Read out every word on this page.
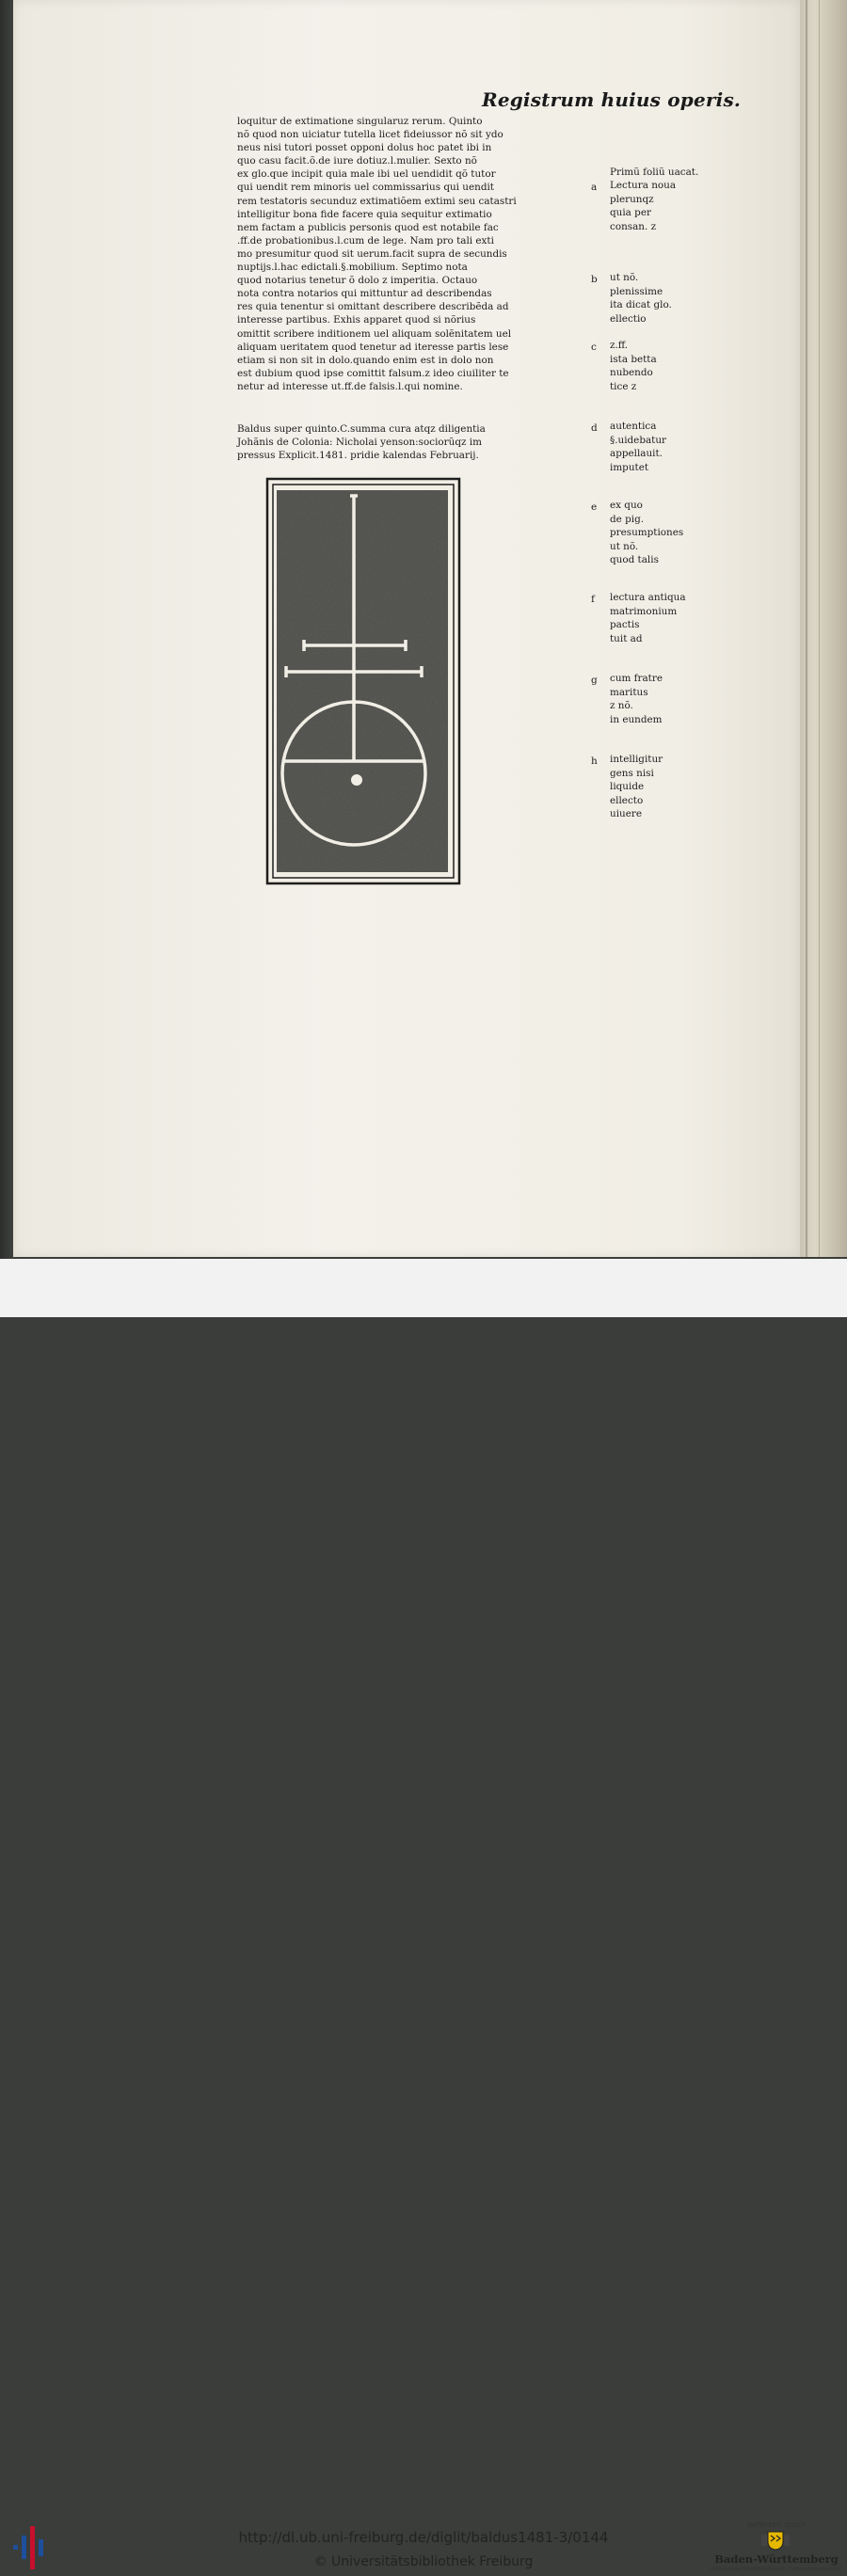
Registrum huius operis.
loquitur de extimatione singularuz rerum. Quinto
nõ quod non uiciatur tutella licet fideiussor nõ sit ydo
neus nisi tutori posset opponi dolus hoc patet ibi in
quo casu facit.õ.de iure dotiuz.l.mulier. Sexto nõ
ex glo.que incipit quia male ibi uel uendidit qõ tutor
qui uendit rem minoris uel commissarius qui uendit
rem testatoris secunduz extimatiõem extimi seu catastri
intelligitur bona fide facere quia sequitur extimatio
nem factam a publicis personis quod est notabile fac
.ff.de probationibus.l.cum de lege. Nam pro tali exti
mo presumitur quod sit uerum.facit supra de secundis
nuptijs.l.hac edictali.§.mobilium. Septimo nota
quod notarius tenetur õ dolo z imperitia. Octauo
nota contra notarios qui mittuntur ad describendas
res quia tenentur si omittant describere describẽda ad
interesse partibus. Exhis apparet quod si nõrius
omittit scribere inditionem uel aliquam solẽnitatem uel
aliquam ueritatem quod tenetur ad iteresse partis lese
etiam si non sit in dolo.quando enim est in dolo non
est dubium quod ipse comittit falsum.z ideo ciuiliter te
netur ad interesse ut.ff.de falsis.l.qui nomine.
Baldus super quinto.C.summa cura atqz diligentia
Johãnis de Colonia: Nicholai yenson:sociorũqz im
pressus Explicit.1481. pridie kalendas Februarij.
Primũ foliũ uacat.
a Lectura noua
plerunqz
quia per
consan. z
b ut nõ.
plenissime
ita dicat glo.
ellectio
c z.ff.
ista betta
nubendo
tice z
d autentica
§.uidebatur
appellauit.
imputet
e ex quo
de pig.
presumptiones
ut nõ.
quod talis
f lectura antiqua
matrimonium
pactis
tuit ad
g cum fratre
maritus
z nõ.
in eundem
h intelligitur
gens nisi
liquide
ellecto
uiuere
http://dl.ub.uni-freiburg.de/diglit/baldus1481-3/0144
© Universitätsbibliothek Freiburg
gefördert durch
Baden-Württemberg
MINISTERIUM FÜR WISSENSCHAFT, FORSCHUNG UND KUNST
